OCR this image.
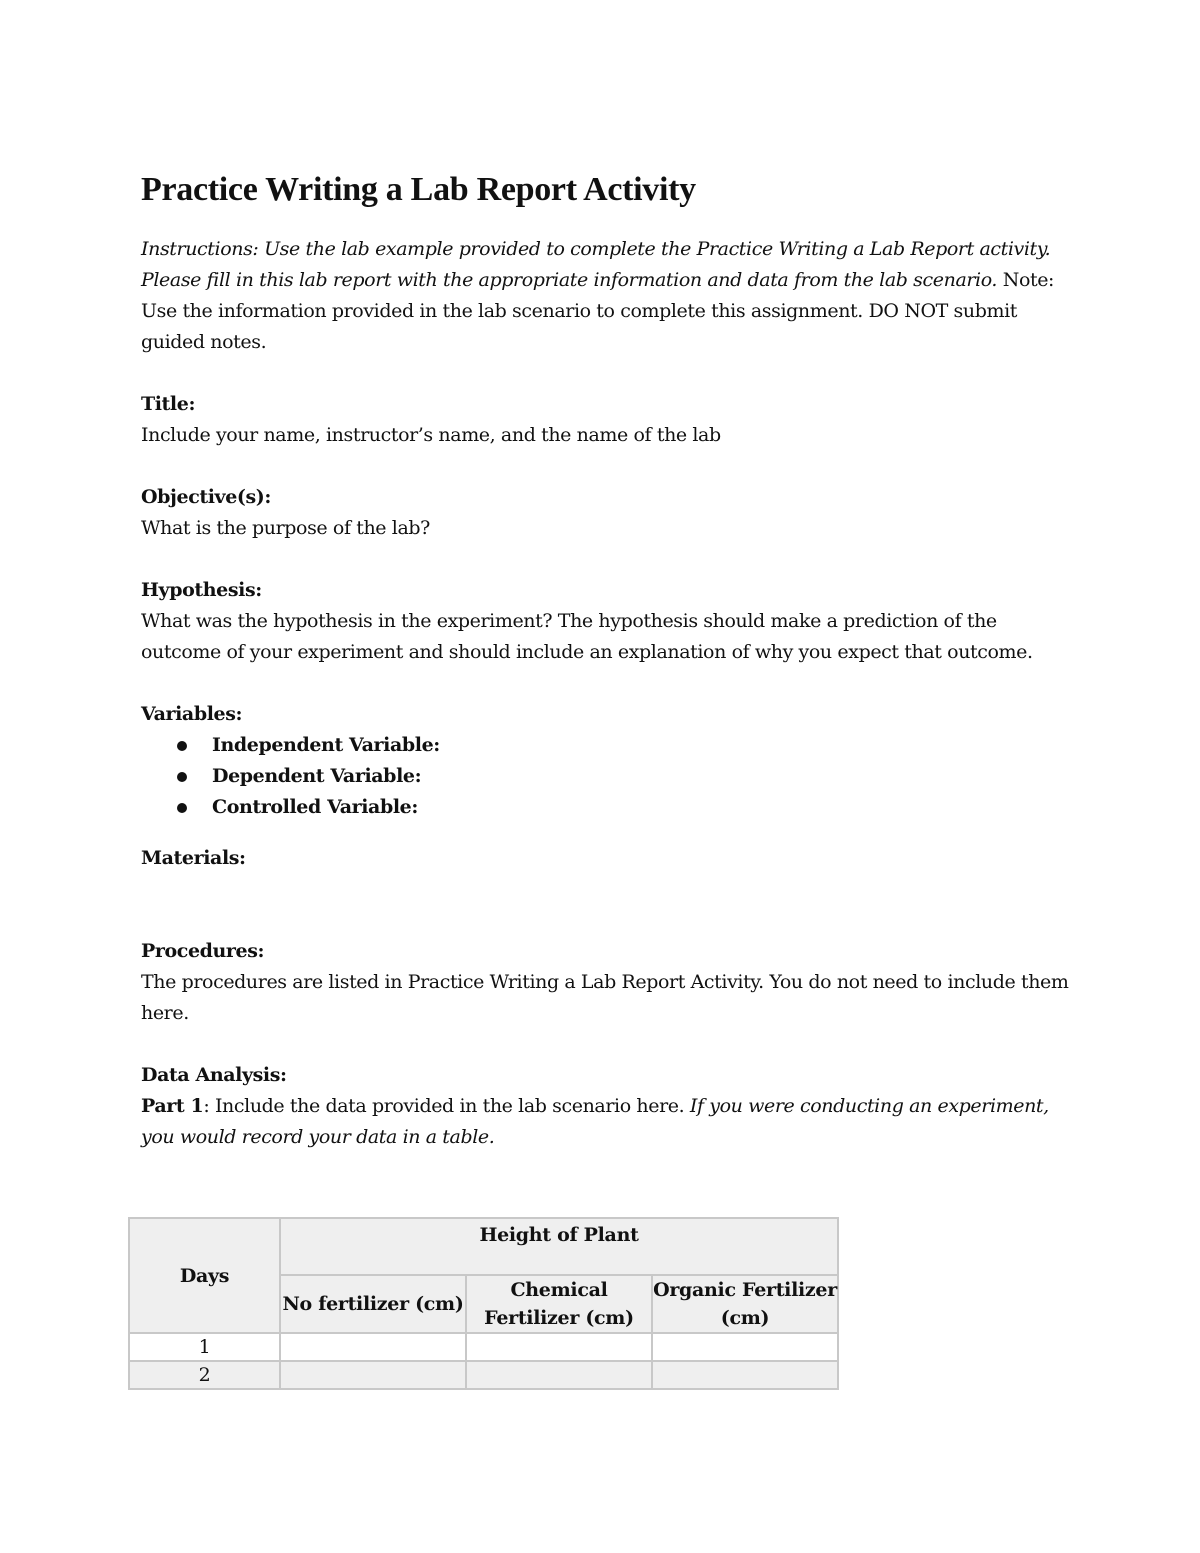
Practice Writing a Lab Report Activity
Instructions: Use the lab example provided to complete the Practice Writing a Lab Report activity. Please fill in this lab report with the appropriate information and data from the lab scenario. Note: Use the information provided in the lab scenario to complete this assignment. DO NOT submit guided notes.
Title:
Include your name, instructor’s name, and the name of the lab
Objective(s):
What is the purpose of the lab?
Hypothesis:
What was the hypothesis in the experiment? The hypothesis should make a prediction of the outcome of your experiment and should include an explanation of why you expect that outcome.
Variables:
Independent Variable:
Dependent Variable:
Controlled Variable:
Materials:
Procedures:
The procedures are listed in Practice Writing a Lab Report Activity. You do not need to include them here.
Data Analysis:
Part 1: Include the data provided in the lab scenario here. If you were conducting an experiment, you would record your data in a table.
Days	Height of Plant		
	No fertilizer (cm)	Chemical Fertilizer (cm)	Organic Fertilizer (cm)
1			
2			
